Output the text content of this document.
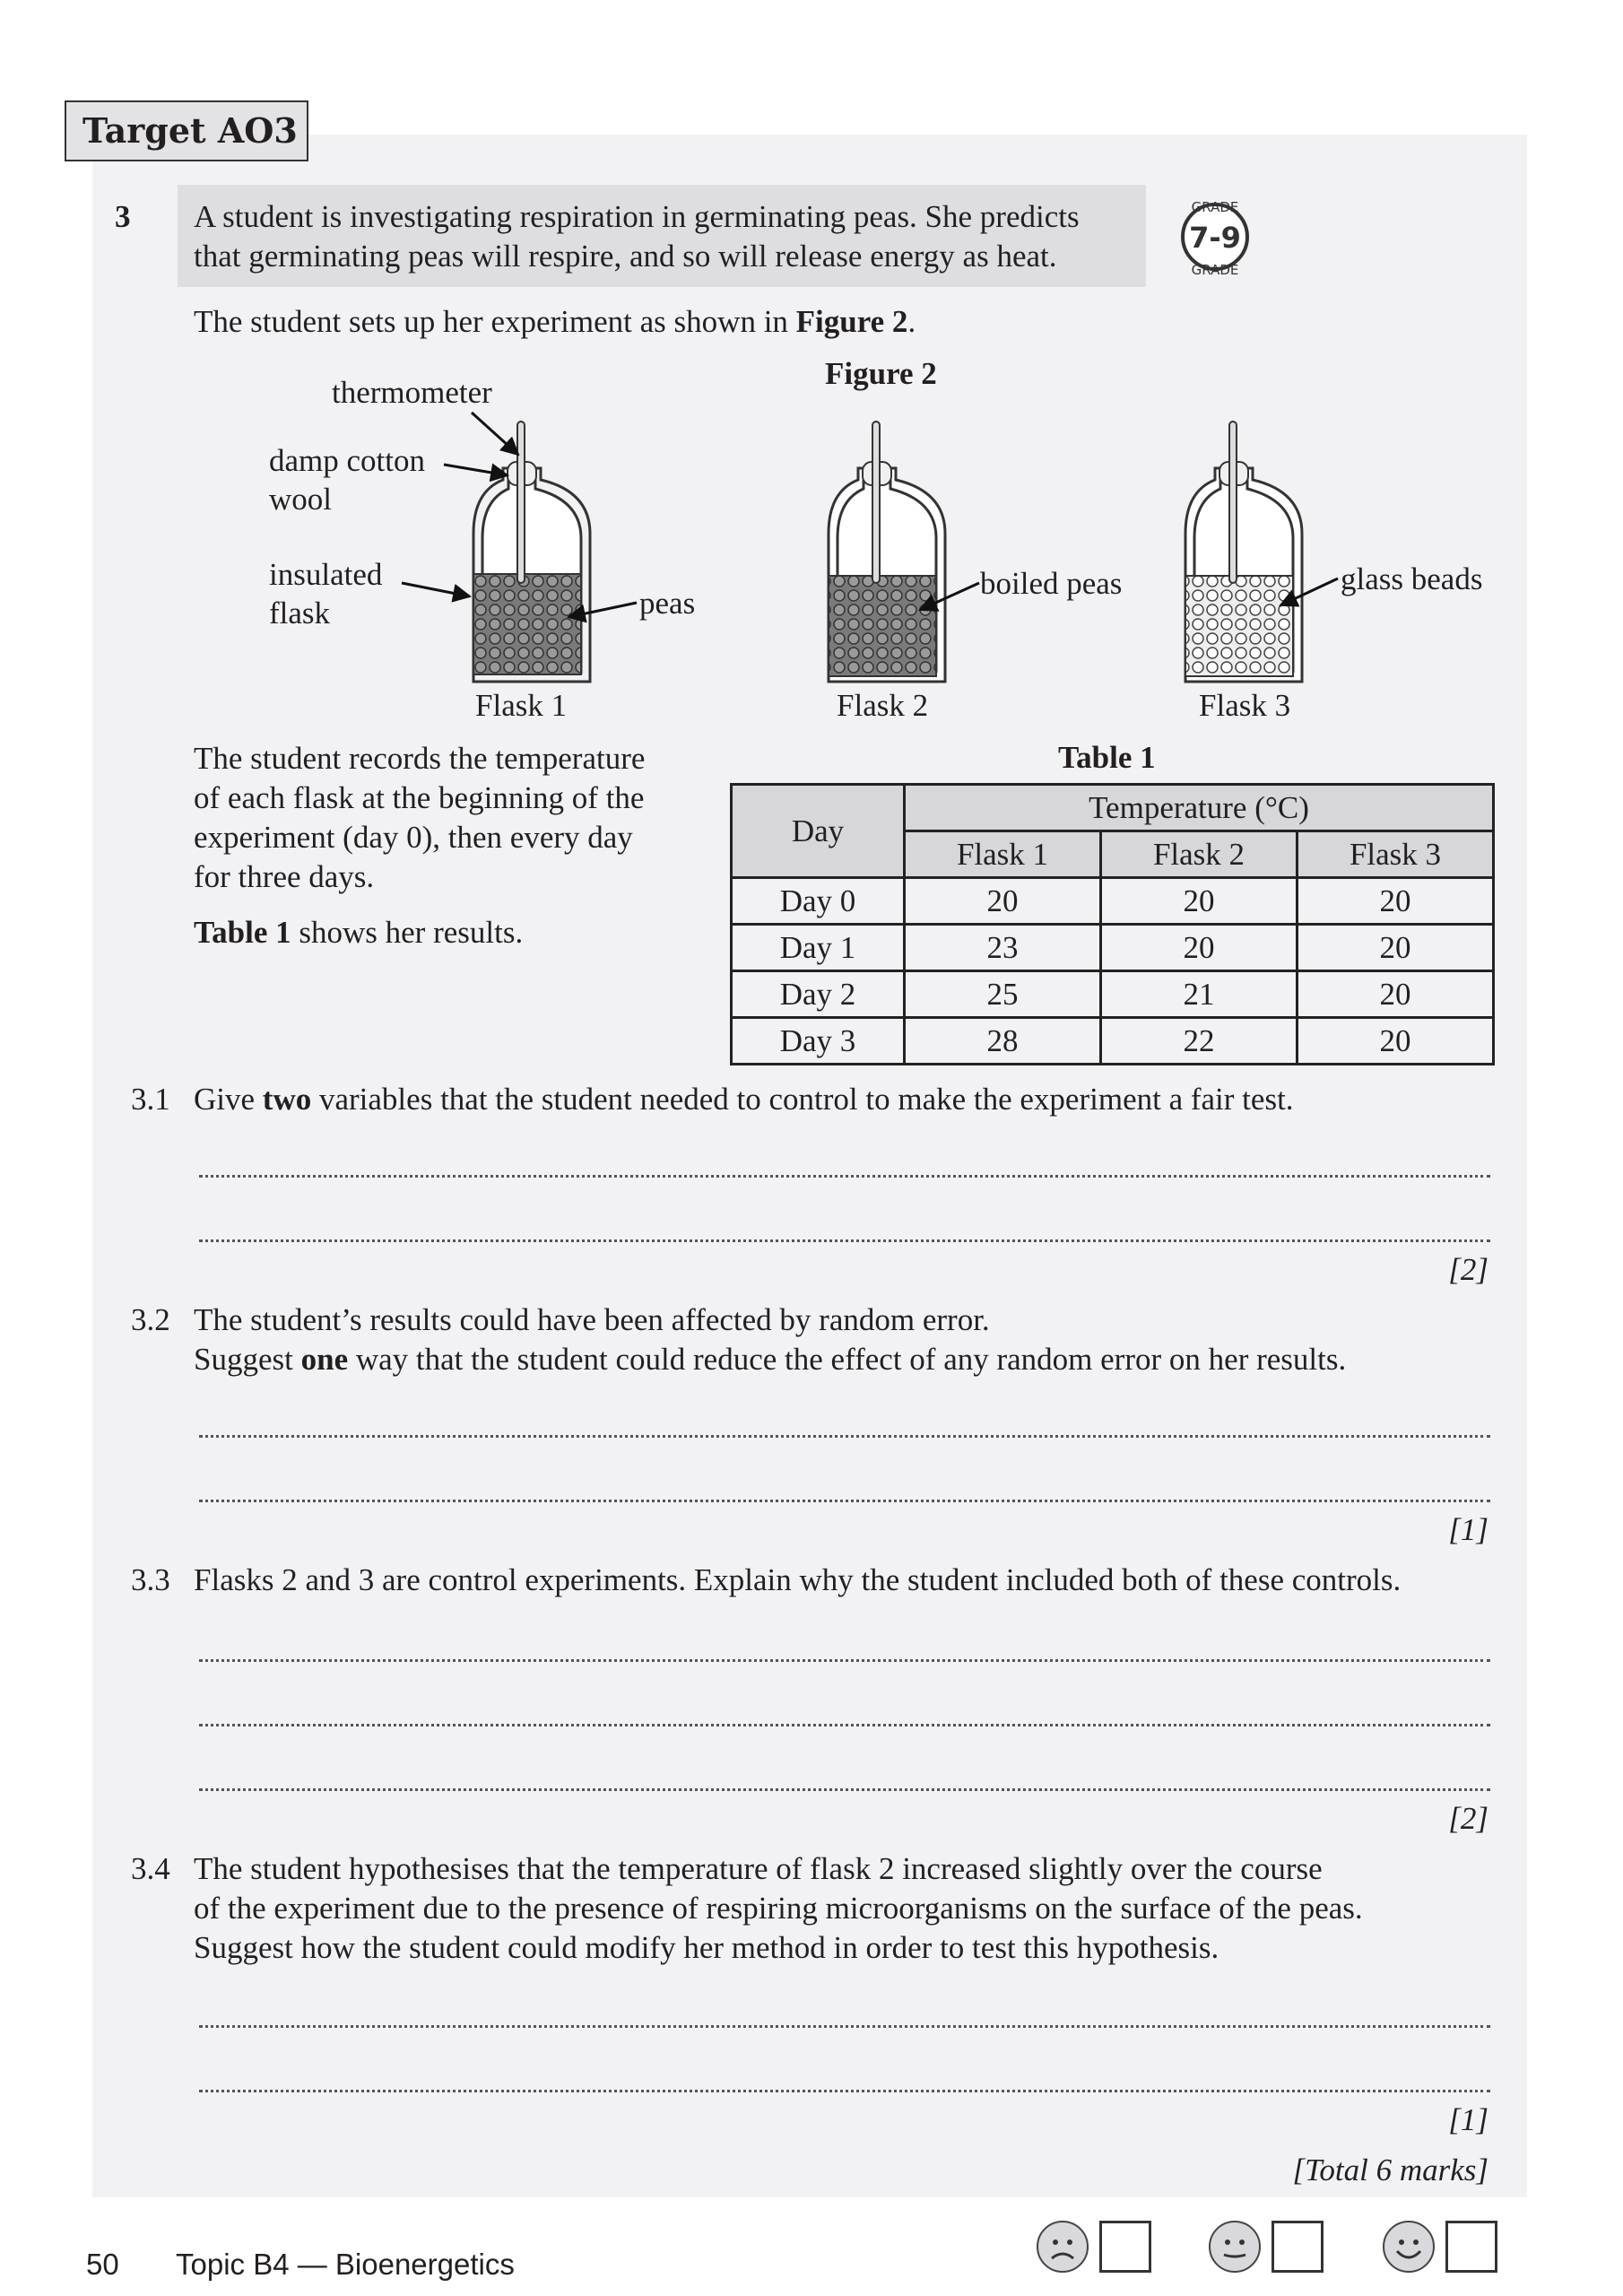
Target AO3
3 A student is investigating respiration in germinating peas. She predicts
that germinating peas will respire, and so will release energy as heat.
GRADE
GRADE
7-9
The student sets up her experiment as shown in Figure 2.
Figure 2
thermometer
damp cotton
wool
insulated
flask	peas
boiled peas	glass beads
Flask 1	Flask 2	Flask 3
The student records the temperature
of each flask at the beginning of the
experiment (day 0), then every day
for three days.
Table 1 shows her results.
Table 1
Day	Temperature (°C)		
	Flask 1	Flask 2	Flask 3
Day 0	20	20	20
Day 1	23	20	20
Day 2	25	21	20
Day 3	28	22	20
3.1 Give two variables that the student needed to control to make the experiment a fair test.
[2]
3.2 The student’s results could have been affected by random error.
Suggest one way that the student could reduce the effect of any random error on her results.
[1]
3.3 Flasks 2 and 3 are control experiments. Explain why the student included both of these controls.
[2]
3.4 The student hypothesises that the temperature of flask 2 increased slightly over the course
of the experiment due to the presence of respiring microorganisms on the surface of the peas.
Suggest how the student could modify her method in order to test this hypothesis.
[1]
[Total 6 marks]
50 Topic B4 — Bioenergetics
